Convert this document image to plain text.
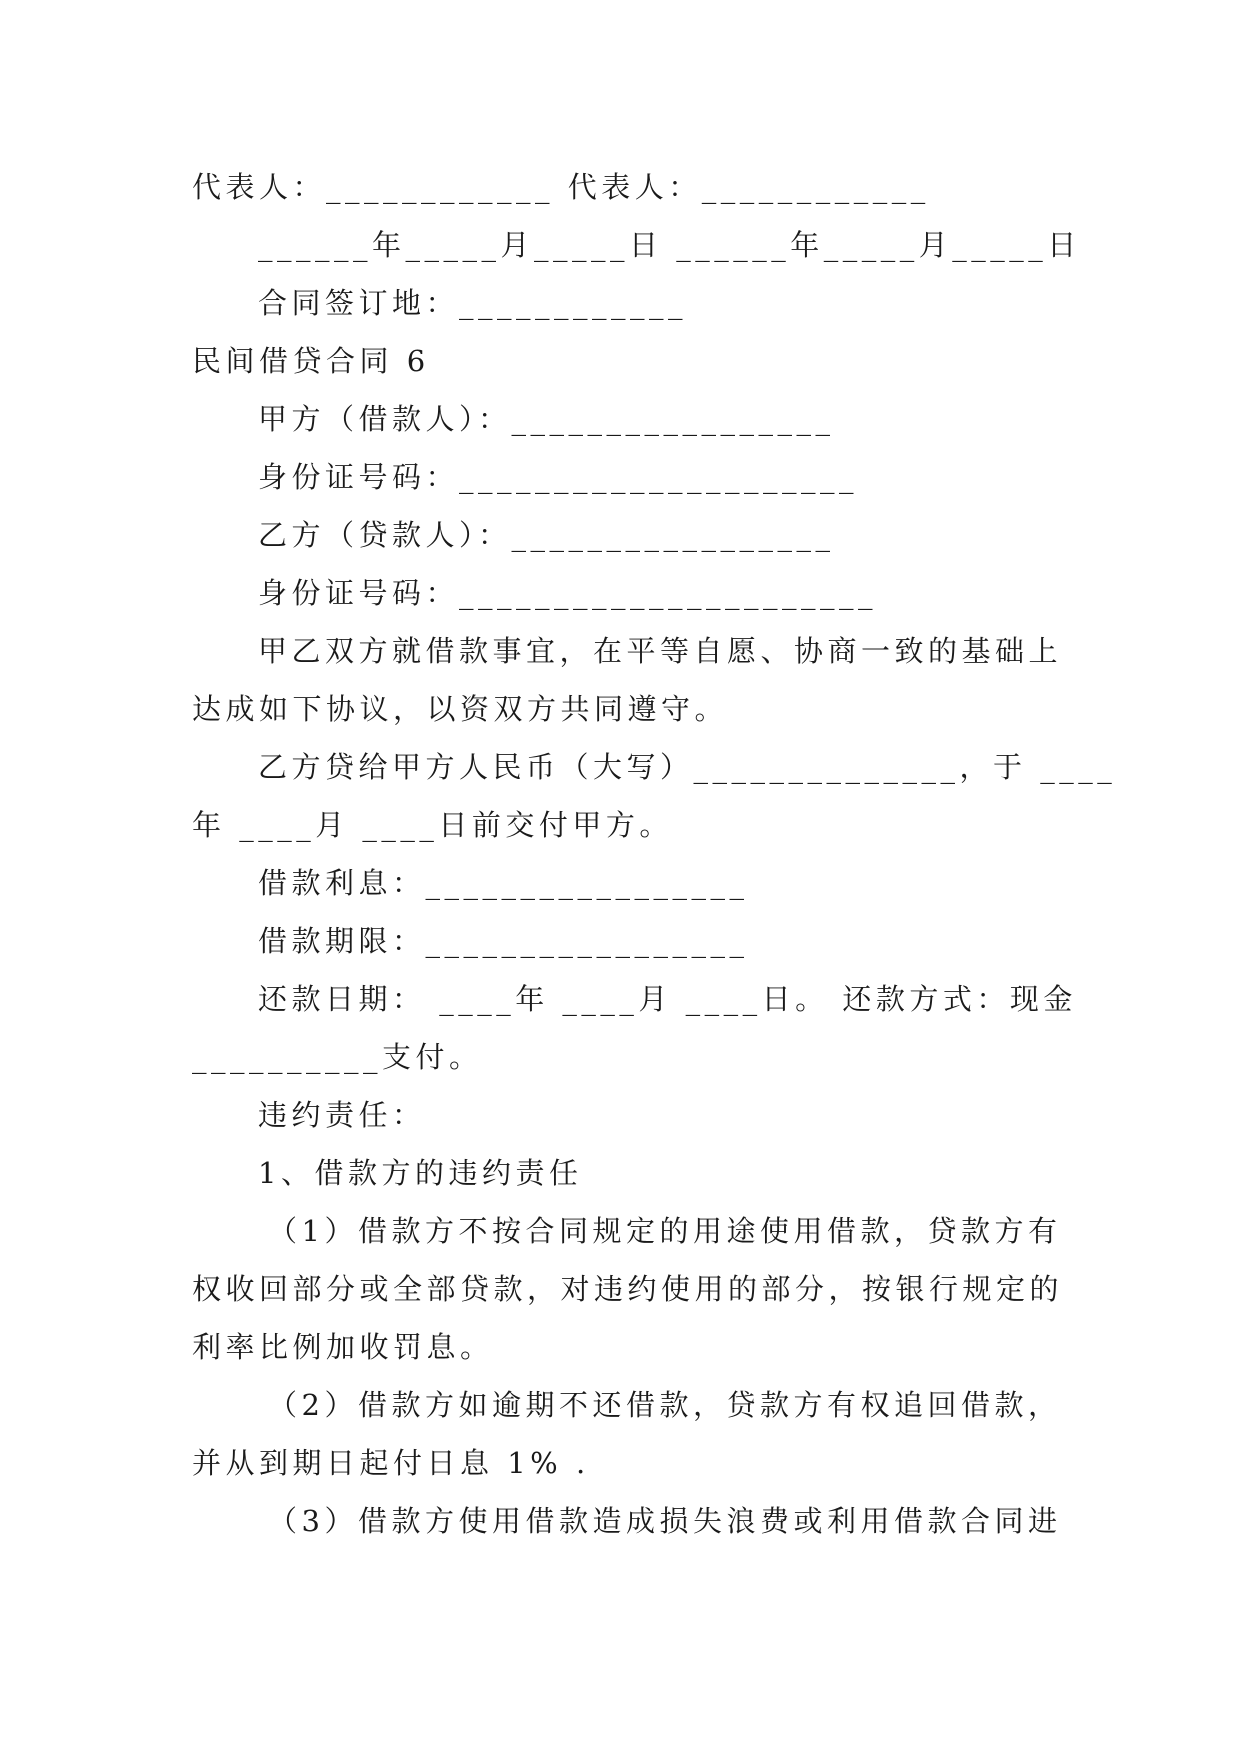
代表人：____________ 代表人：____________
______年_____月_____日 ______年_____月_____日
合同签订地：____________
民间借贷合同 6
甲方（借款人）：_________________
身份证号码：_____________________
乙方（贷款人）：_________________
身份证号码：______________________
甲乙双方就借款事宜，在平等自愿、协商一致的基础上
达成如下协议，以资双方共同遵守。
乙方贷给甲方人民币（大写）______________，于 ____
年 ____月 ____日前交付甲方。
借款利息：_________________
借款期限：_________________
还款日期： ____年 ____月 ____日。 还款方式：现金
__________支付。
违约责任：
1、借款方的违约责任
（1）借款方不按合同规定的用途使用借款，贷款方有
权收回部分或全部贷款，对违约使用的部分，按银行规定的
利率比例加收罚息。
（2）借款方如逾期不还借款，贷款方有权追回借款，
并从到期日起付日息 1% .
（3）借款方使用借款造成损失浪费或利用借款合同进
